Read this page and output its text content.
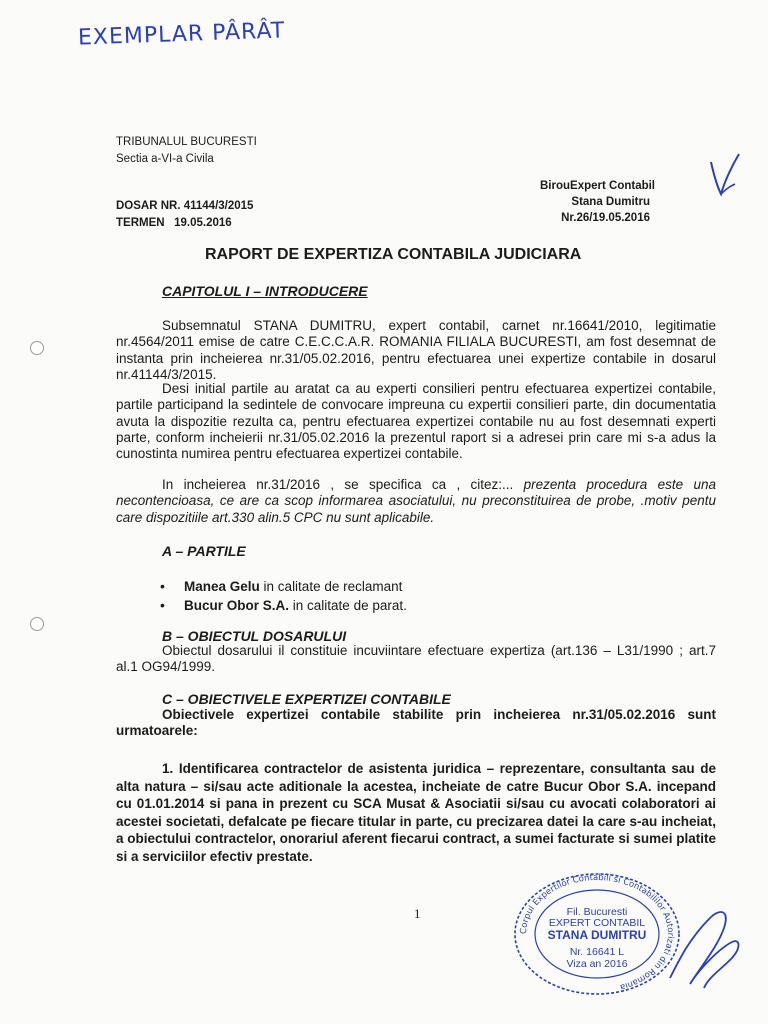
EXEMPLAR PÂRÂT
TRIBUNALUL BUCURESTI
Sectia a-VI-a Civila
DOSAR NR. 41144/3/2015
TERMEN   19.05.2016
BirouExpert Contabil
Stana Dumitru
Nr.26/19.05.2016
RAPORT DE EXPERTIZA CONTABILA JUDICIARA
CAPITOLUL I – INTRODUCERE
Subsemnatul STANA DUMITRU, expert contabil, carnet nr.16641/2010, legitimatie nr.4564/2011 emise de catre C.E.C.C.A.R. ROMANIA FILIALA BUCURESTI, am fost desemnat de instanta prin incheierea nr.31/05.02.2016, pentru efectuarea unei expertize contabile in dosarul nr.41144/3/2015.
Desi initial partile au aratat ca au experti consilieri pentru efectuarea expertizei contabile, partile participand la sedintele de convocare impreuna cu expertii consilieri parte, din documentatia avuta la dispozitie rezulta ca, pentru efectuarea expertizei contabile nu au fost desemnati experti parte, conform incheierii nr.31/05.02.2016 la prezentul raport si a adresei prin care mi s-a adus la cunostinta numirea pentru efectuarea expertizei contabile.
In incheierea nr.31/2016 , se specifica ca , citez:... prezenta procedura este una necontencioasa, ce are ca scop informarea asociatului, nu preconstituirea de probe, .motiv pentu care dispozitiile art.330 alin.5 CPC nu sunt aplicabile.
A – PARTILE
• Manea Gelu in calitate de reclamant
• Bucur Obor S.A. in calitate de parat.
B – OBIECTUL DOSARULUI
Obiectul dosarului il constituie incuviintare efectuare expertiza (art.136 – L31/1990 ; art.7 al.1 OG94/1999.
C – OBIECTIVELE EXPERTIZEI CONTABILE
Obiectivele expertizei contabile stabilite prin incheierea nr.31/05.02.2016 sunt urmatoarele:
1. Identificarea contractelor de asistenta juridica – reprezentare, consultanta sau de alta natura – si/sau acte aditionale la acestea, incheiate de catre Bucur Obor S.A. incepand cu 01.01.2014 si pana in prezent cu SCA Musat & Asociatii si/sau cu avocati colaboratori ai acestei societati, defalcate pe fiecare titular in parte, cu precizarea datei la care s-au incheiat, a obiectului contractelor, onorariul aferent fiecarui contract, a sumei facturate si sumei platite si a serviciilor efectiv prestate.
1
Corpul Expertilor Contabili si Contabililor Autorizati din Romania
Fil. Bucuresti
EXPERT CONTABIL
STANA DUMITRU
Nr. 16641 L
Viza an 2016
